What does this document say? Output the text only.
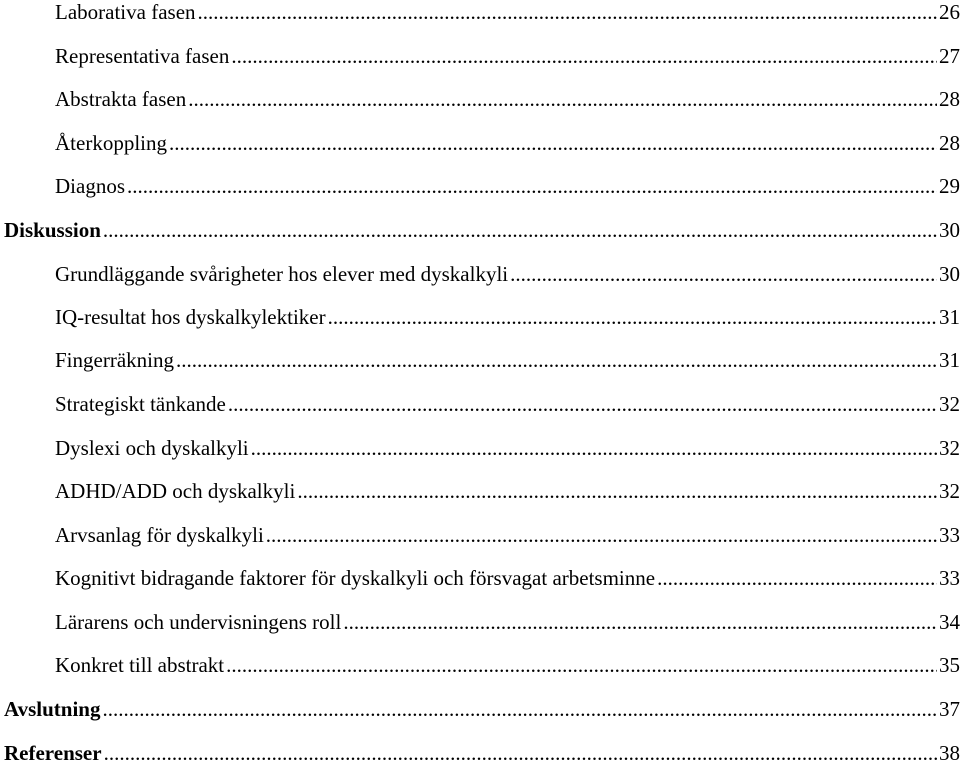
Laborativa fasen .....	26
Representativa fasen .....	27
Abstrakta fasen .....	28
Återkoppling .....	28
Diagnos .....	29
Diskussion .....	30
Grundläggande svårigheter hos elever med dyskalkyli .....	30
IQ-resultat hos dyskalkylektiker .....	31
Fingerräkning .....	31
Strategiskt tänkande .....	32
Dyslexi och dyskalkyli .....	32
ADHD/ADD och dyskalkyli .....	32
Arvsanlag för dyskalkyli .....	33
Kognitivt bidragande faktorer för dyskalkyli och försvagat arbetsminne .....	33
Lärarens och undervisningens roll .....	34
Konkret till abstrakt .....	35
Avslutning .....	37
Referenser .....	38
